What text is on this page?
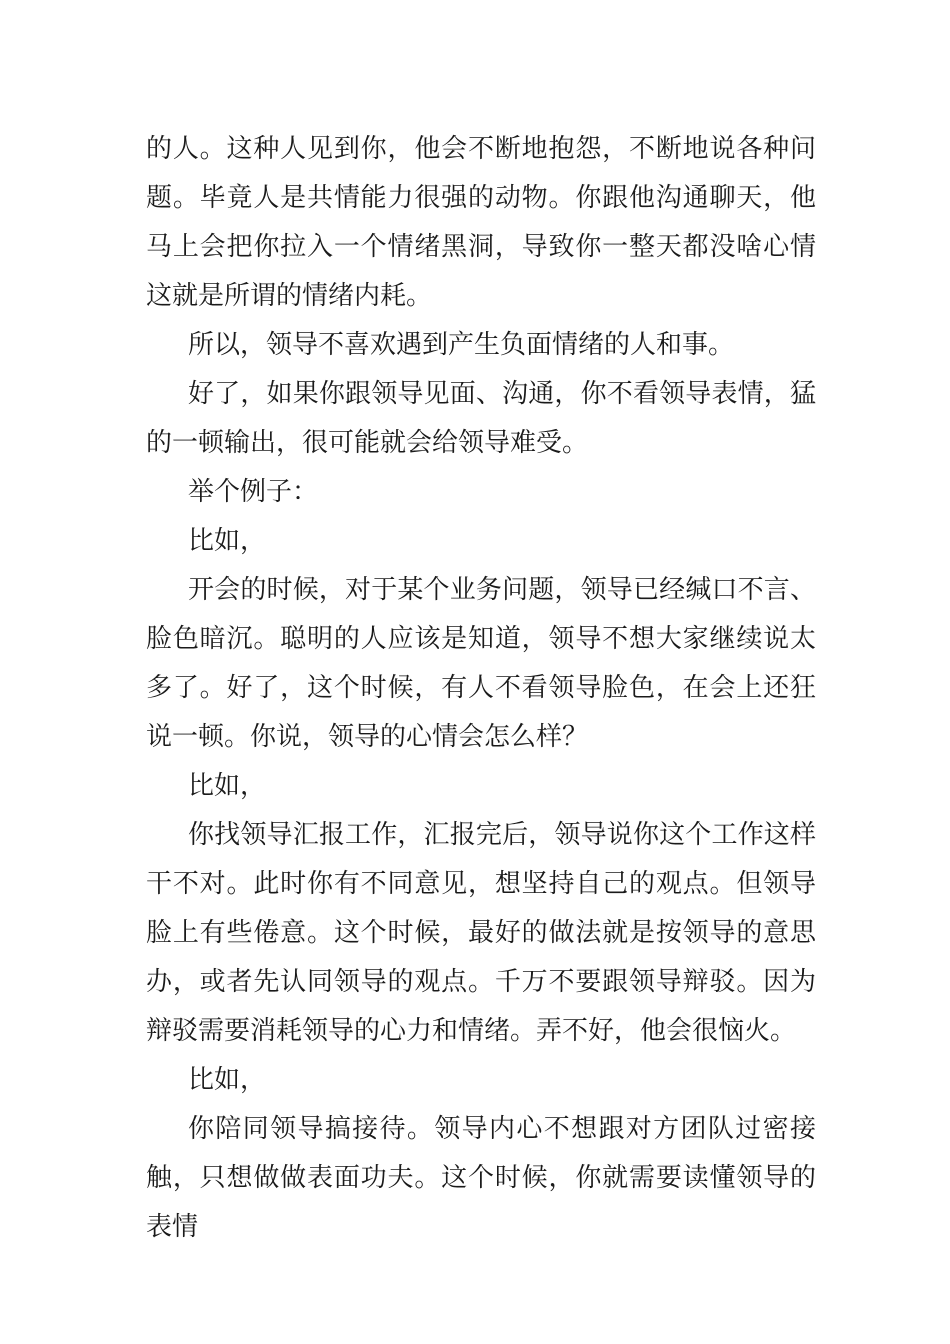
的人。这种人见到你，他会不断地抱怨，不断地说各种问题。毕竟人是共情能力很强的动物。你跟他沟通聊天，他马上会把你拉入一个情绪黑洞，导致你一整天都没啥心情这就是所谓的情绪内耗。

所以，领导不喜欢遇到产生负面情绪的人和事。

好了，如果你跟领导见面、沟通，你不看领导表情，猛的一顿输出，很可能就会给领导难受。

举个例子：

比如，

开会的时候，对于某个业务问题，领导已经缄口不言、脸色暗沉。聪明的人应该是知道，领导不想大家继续说太多了。好了，这个时候，有人不看领导脸色，在会上还狂说一顿。你说，领导的心情会怎么样？

比如，

你找领导汇报工作，汇报完后，领导说你这个工作这样干不对。此时你有不同意见，想坚持自己的观点。但领导脸上有些倦意。这个时候，最好的做法就是按领导的意思办，或者先认同领导的观点。千万不要跟领导辩驳。因为辩驳需要消耗领导的心力和情绪。弄不好，他会很恼火。

比如，

你陪同领导搞接待。领导内心不想跟对方团队过密接触，只想做做表面功夫。这个时候，你就需要读懂领导的表情
